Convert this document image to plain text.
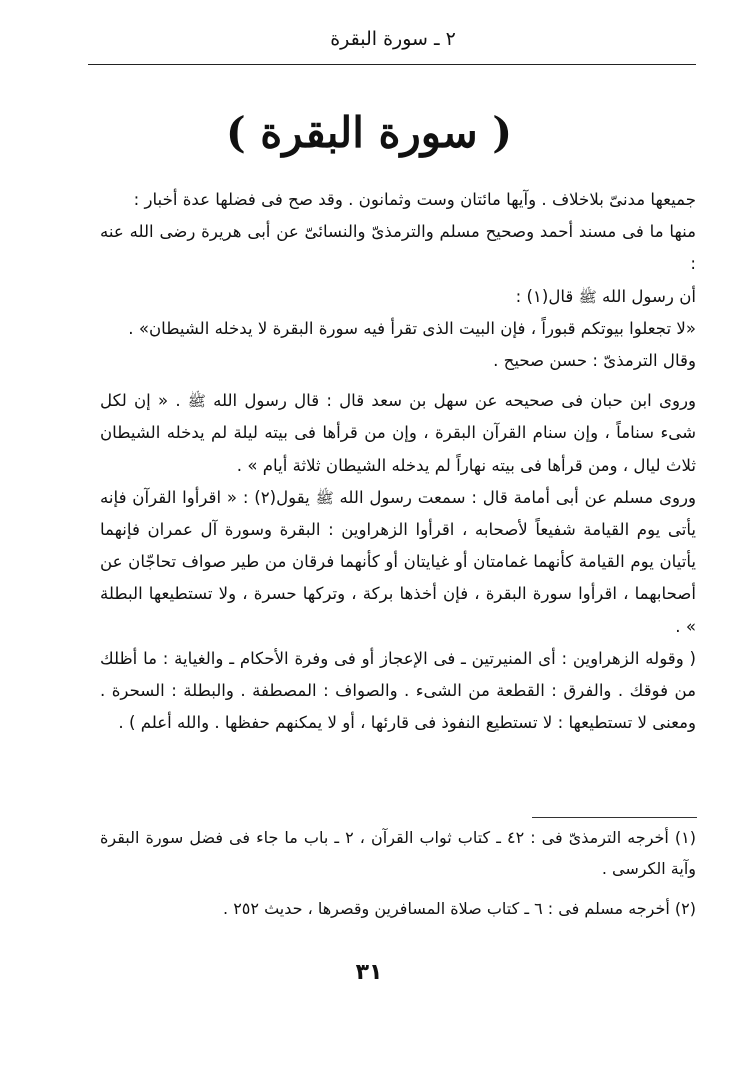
٢ ـ سورة البقرة
( سورة البقرة )

جميعها مدنىّ بلاخلاف . وآيها مائتان وست وثمانون . وقد صح فى فضلها عدة أخبار :

منها ما فى مسند أحمد وصحيح مسلم والترمذىّ والنسائىّ عن أبى هريرة رضى الله عنه :

أن رسول الله ﷺ قال(١) :

«لا تجعلوا بيوتكم قبوراً ، فإن البيت الذى تقرأ فيه سورة البقرة لا يدخله الشيطان» .

وقال الترمذىّ : حسن صحيح .

وروى ابن حبان فى صحيحه عن سهل بن سعد قال : قال رسول الله ﷺ . « إن لكل شىء سناماً ، وإن سنام القرآن البقرة ، وإن من قرأها فى بيته ليلة لم يدخله الشيطان ثلاث ليال ، ومن قرأها فى بيته نهاراً لم يدخله الشيطان ثلاثة أيام » .

وروى مسلم عن أبى أمامة قال : سمعت رسول الله ﷺ يقول(٢) : « اقرأوا القرآن فإنه يأتى يوم القيامة شفيعاً لأصحابه ، اقرأوا الزهراوين : البقرة وسورة آل عمران فإنهما يأتيان يوم القيامة كأنهما غمامتان أو غيايتان أو كأنهما فرقان من طير صواف تحاجّان عن أصحابهما ، اقرأوا سورة البقرة ، فإن أخذها بركة ، وتركها حسرة ، ولا تستطيعها البطلة » .

( وقوله الزهراوين : أى المنيرتين ـ فى الإعجاز أو فى وفرة الأحكام ـ والغياية : ما أظلك من فوقك . والفرق : القطعة من الشىء . والصواف : المصطفة . والبطلة : السحرة . ومعنى لا تستطيعها : لا تستطيع النفوذ فى قارئها ، أو لا يمكنهم حفظها . والله أعلم ) .

(١) أخرجه الترمذىّ فى : ٤٢ ـ كتاب ثواب القرآن ، ٢ ـ باب ما جاء فى فضل سورة البقرة وآية الكرسى .

(٢) أخرجه مسلم فى : ٦ ـ كتاب صلاة المسافرين وقصرها ، حديث ٢٥٢ .

٣١
